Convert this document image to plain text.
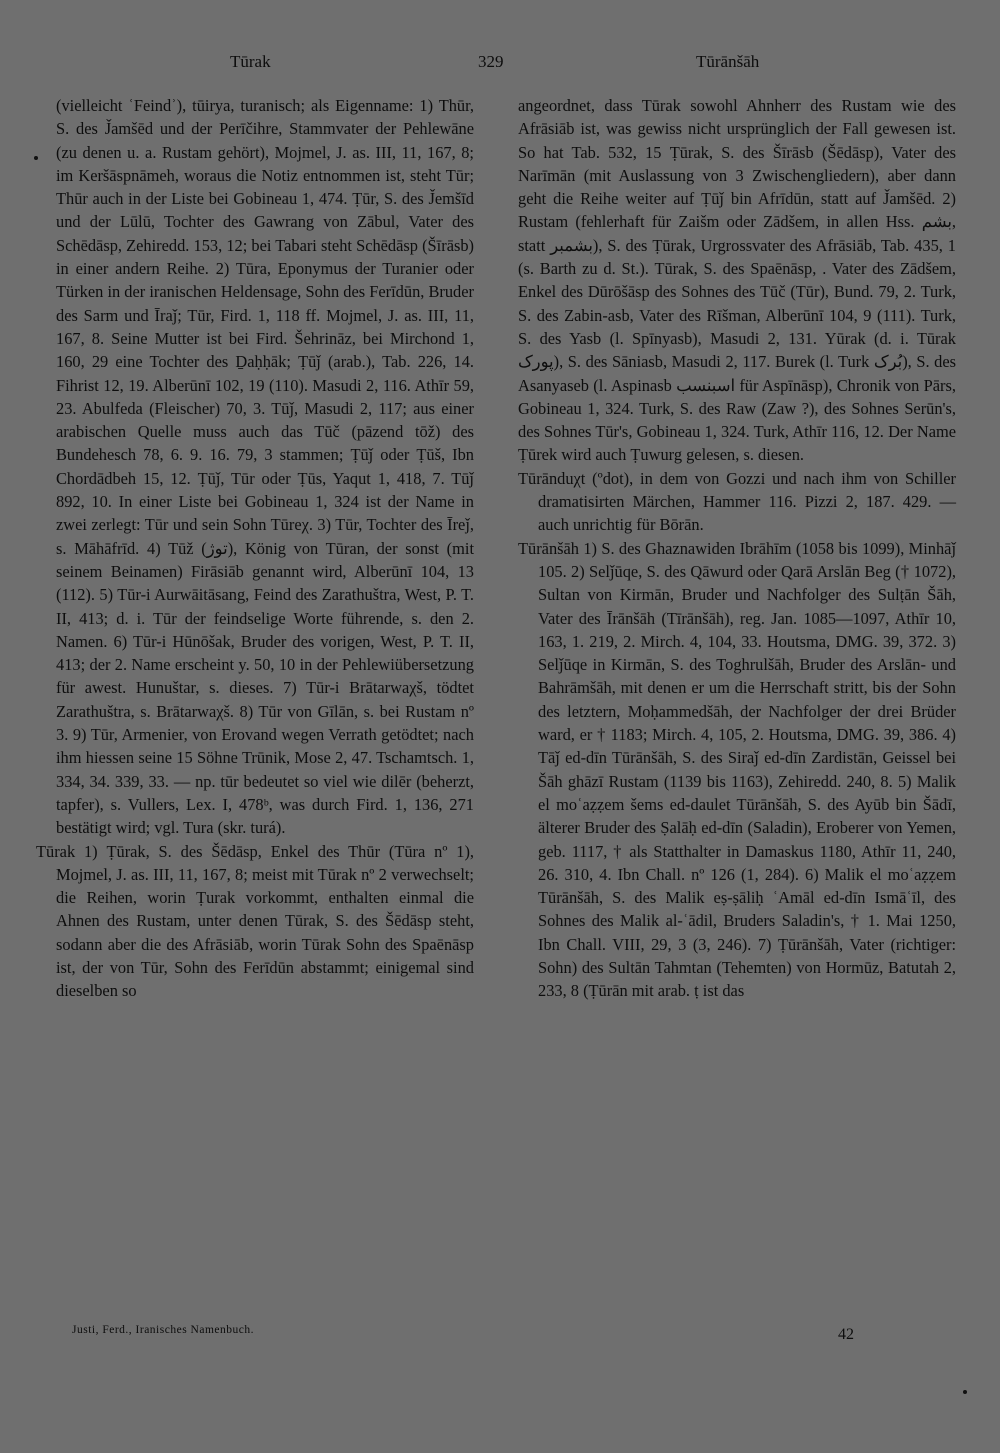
Tūrak	329	Tūrānšāh

(vielleicht ʿFeindʾ), tūirya, turanisch; als Eigenname: 1) Thūr, S. des J̌amšēd und der Perīčihre, Stammvater der Pehlewāne (zu denen u. a. Rustam gehört), Mojmel, J. as. III, 11, 167, 8; im Keršāspnāmeh, woraus die Notiz entnommen ist, steht Tūr; Thūr auch in der Liste bei Gobineau 1, 474. Ṭūr, S. des J̌emšīd und der Lūlū, Tochter des Gawrang von Zābul, Vater des Schēdāsp, Zehiredd. 153, 12; bei Tabari steht Schēdāsp (Šīrāsb) in einer andern Reihe. 2) Tūra, Eponymus der Turanier oder Türken in der iranischen Heldensage, Sohn des Ferīdūn, Bruder des Sarm und Īraǰ; Tūr, Fird. 1, 118 ff. Mojmel, J. as. III, 11, 167, 8. Seine Mutter ist bei Fird. Šehrināz, bei Mirchond 1, 160, 29 eine Tochter des Ḏaḥḥāk; Ṭūǰ (arab.), Tab. 226, 14. Fihrist 12, 19. Alberūnī 102, 19 (110). Masudi 2, 116. Athīr 59, 23. Abulfeda (Fleischer) 70, 3. Tūǰ, Masudi 2, 117; aus einer arabischen Quelle muss auch das Tūč (pāzend tōž) des Bundehesch 78, 6. 9. 16. 79, 3 stammen; Ṭūǰ oder Ṭūš, Ibn Chordādbeh 15, 12. Ṭūǰ, Tūr oder Ṭūs, Yaqut 1, 418, 7. Tūǰ 892, 10. In einer Liste bei Gobineau 1, 324 ist der Name in zwei zerlegt: Tūr und sein Sohn Tūreχ. 3) Tūr, Tochter des Īreǰ, s. Māhāfrīd. 4) Tūž (توژ), König von Tūran, der sonst (mit seinem Beinamen) Firāsiāb genannt wird, Alberūnī 104, 13 (112). 5) Tūr-i Aurwāitāsang, Feind des Zarathuštra, West, P. T. II, 413; d. i. Tūr der feindselige Worte führende, s. den 2. Namen. 6) Tūr-i Hūnōšak, Bruder des vorigen, West, P. T. II, 413; der 2. Name erscheint y. 50, 10 in der Pehlewiübersetzung für awest. Hunuštar, s. dieses. 7) Tūr-i Brātarwaχš, tödtet Zarathuštra, s. Brātarwaχš. 8) Tūr von Gīlān, s. bei Rustam nº 3. 9) Tūr, Armenier, von Erovand wegen Verrath getödtet; nach ihm hiessen seine 15 Söhne Trūnik, Mose 2, 47. Tschamtsch. 1, 334, 34. 339, 33. — np. tūr bedeutet so viel wie dilēr (beherzt, tapfer), s. Vullers, Lex. I, 478ᵇ, was durch Fird. 1, 136, 271 bestätigt wird; vgl. Tura (skr. turá).

Tūrak 1) Ṭūrak, S. des Šēdāsp, Enkel des Thūr (Tūra nº 1), Mojmel, J. as. III, 11, 167, 8; meist mit Tūrak nº 2 verwechselt; die Reihen, worin Ṭurak vorkommt, enthalten einmal die Ahnen des Rustam, unter denen Tūrak, S. des Šēdāsp steht, sodann aber die des Afrāsiāb, worin Tūrak Sohn des Spaēnāsp ist, der von Tūr, Sohn des Ferīdūn abstammt; einigemal sind dieselben so

angeordnet, dass Tūrak sowohl Ahnherr des Rustam wie des Afrāsiāb ist, was gewiss nicht ursprünglich der Fall gewesen ist. So hat Tab. 532, 15 Ṭūrak, S. des Šīrāsb (Šēdāsp), Vater des Narīmān (mit Auslassung von 3 Zwischengliedern), aber dann geht die Reihe weiter auf Ṭūǰ bin Afrīdūn, statt auf J̌amšēd. 2) Rustam (fehlerhaft für Zaišm oder Zādšem, in allen Hss. بشم, statt بشمبر), S. des Ṭūrak, Urgrossvater des Afrāsiāb, Tab. 435, 1 (s. Barth zu d. St.). Tūrak, S. des Spaēnāsp, . Vater des Zādšem, Enkel des Dūrōšāsp des Sohnes des Tūč (Tūr), Bund. 79, 2. Turk, S. des Zabin-asb, Vater des Rīšman, Alberūnī 104, 9 (111). Turk, S. des Yasb (l. Spīnyasb), Masudi 2, 131. Yūrak (d. i. Tūrak پورک), S. des Sāniasb, Masudi 2, 117. Burek (l. Turk بُرک), S. des Asanyaseb (l. Aspinasb اسبنسب für Aspīnāsp), Chronik von Pārs, Gobineau 1, 324. Turk, S. des Raw (Zaw ?), des Sohnes Serūn's, des Sohnes Tūr's, Gobineau 1, 324. Turk, Athīr 116, 12. Der Name Ṭūrek wird auch Ṭuwurg gelesen, s. diesen.

Tūrānduχt (ºdot), in dem von Gozzi und nach ihm von Schiller dramatisirten Märchen, Hammer 116. Pizzi 2, 187. 429. — auch unrichtig für Bōrān.

Tūrānšāh 1) S. des Ghaznawiden Ibrāhīm (1058 bis 1099), Minhāǰ 105. 2) Selǰūqe, S. des Qāwurd oder Qarā Arslān Beg († 1072), Sultan von Kirmān, Bruder und Nachfolger des Sulṭān Šāh, Vater des Īrānšāh (Tīrānšāh), reg. Jan. 1085—1097, Athīr 10, 163, 1. 219, 2. Mirch. 4, 104, 33. Houtsma, DMG. 39, 372. 3) Selǰūqe in Kirmān, S. des Toghrulšāh, Bruder des Arslān- und Bahrāmšāh, mit denen er um die Herrschaft stritt, bis der Sohn des letztern, Moḥammedšāh, der Nachfolger der drei Brüder ward, er † 1183; Mirch. 4, 105, 2. Houtsma, DMG. 39, 386. 4) Tāǰ ed-dīn Tūrānšāh, S. des Siraǰ ed-dīn Zardistān, Geissel bei Šāh ghāzī Rustam (1139 bis 1163), Zehiredd. 240, 8. 5) Malik el moʿaẓẓem šems ed-daulet Tūrānšāh, S. des Ayūb bin Šādī, älterer Bruder des Ṣalāḥ ed-dīn (Saladin), Eroberer von Yemen, geb. 1117, † als Statthalter in Damaskus 1180, Athīr 11, 240, 26. 310, 4. Ibn Chall. nº 126 (1, 284). 6) Malik el moʿaẓẓem Tūrānšāh, S. des Malik eṣ-ṣāliḥ ʿAmāl ed-dīn Ismāʿīl, des Sohnes des Malik al-ʿādil, Bruders Saladin's, † 1. Mai 1250, Ibn Chall. VIII, 29, 3 (3, 246). 7) Ṭūrānšāh, Vater (richtiger: Sohn) des Sultān Tahmtan (Tehemten) von Hormūz, Batutah 2, 233, 8 (Ṭūrān mit arab. ṭ ist das

Justi, Ferd., Iranisches Namenbuch.	42
